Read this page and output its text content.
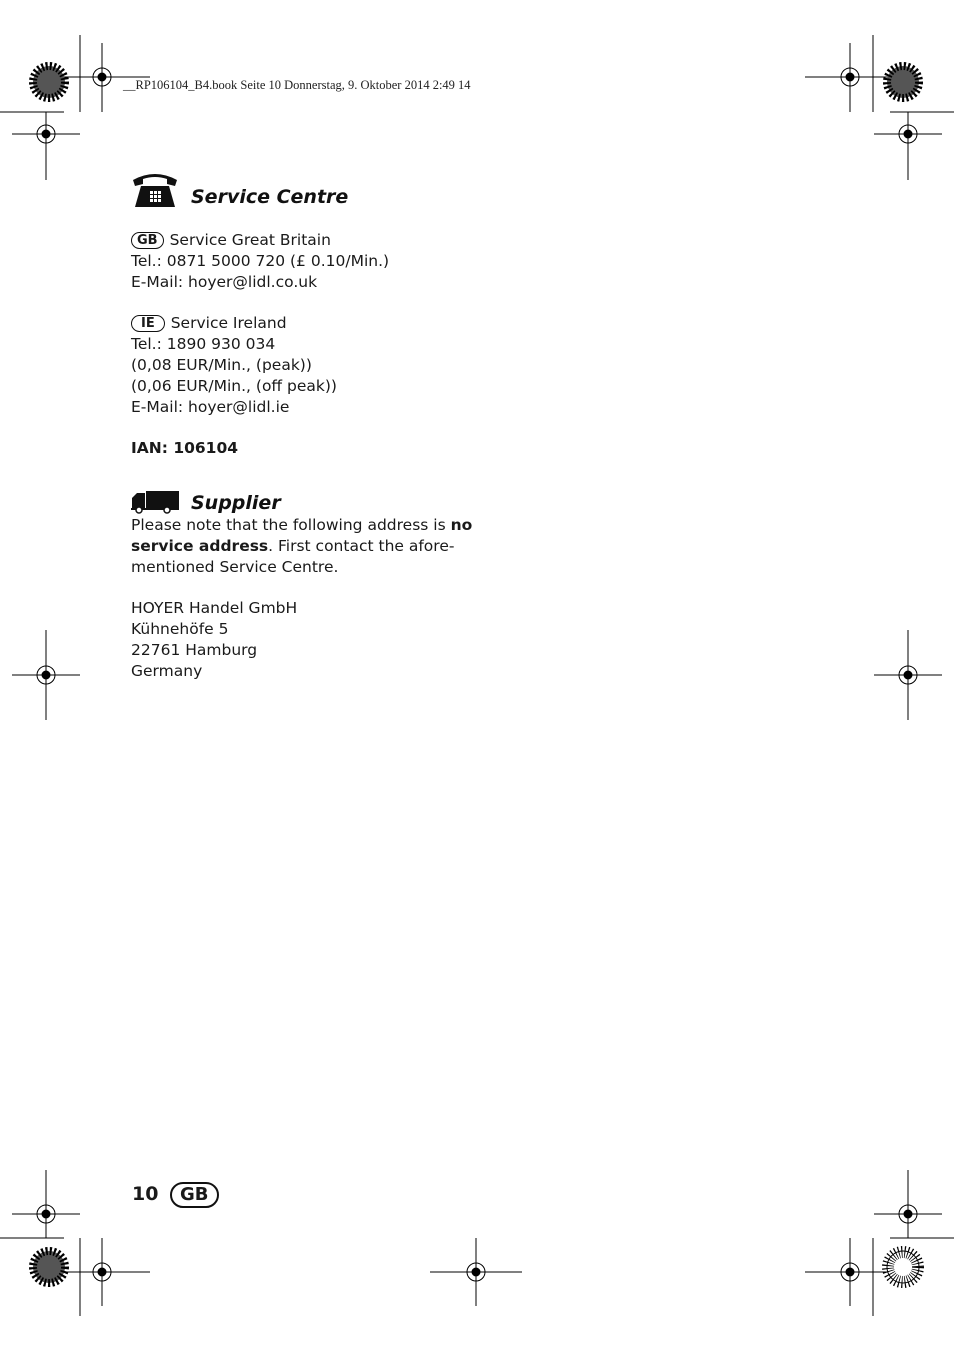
__RP106104_B4.book Seite 10 Donnerstag, 9. Oktober 2014 2:49 14
Service Centre
GB Service Great Britain
Tel.: 0871 5000 720 (£ 0.10/Min.)
E-Mail: hoyer@lidl.co.uk
IE Service Ireland
Tel.: 1890 930 034
(0,08 EUR/Min., (peak))
(0,06 EUR/Min., (off peak))
E-Mail: hoyer@lidl.ie
IAN: 106104
Supplier
Please note that the following address is no
service address. First contact the afore-
mentioned Service Centre.
HOYER Handel GmbH
Kühnehöfe 5
22761 Hamburg
Germany
10	GB
